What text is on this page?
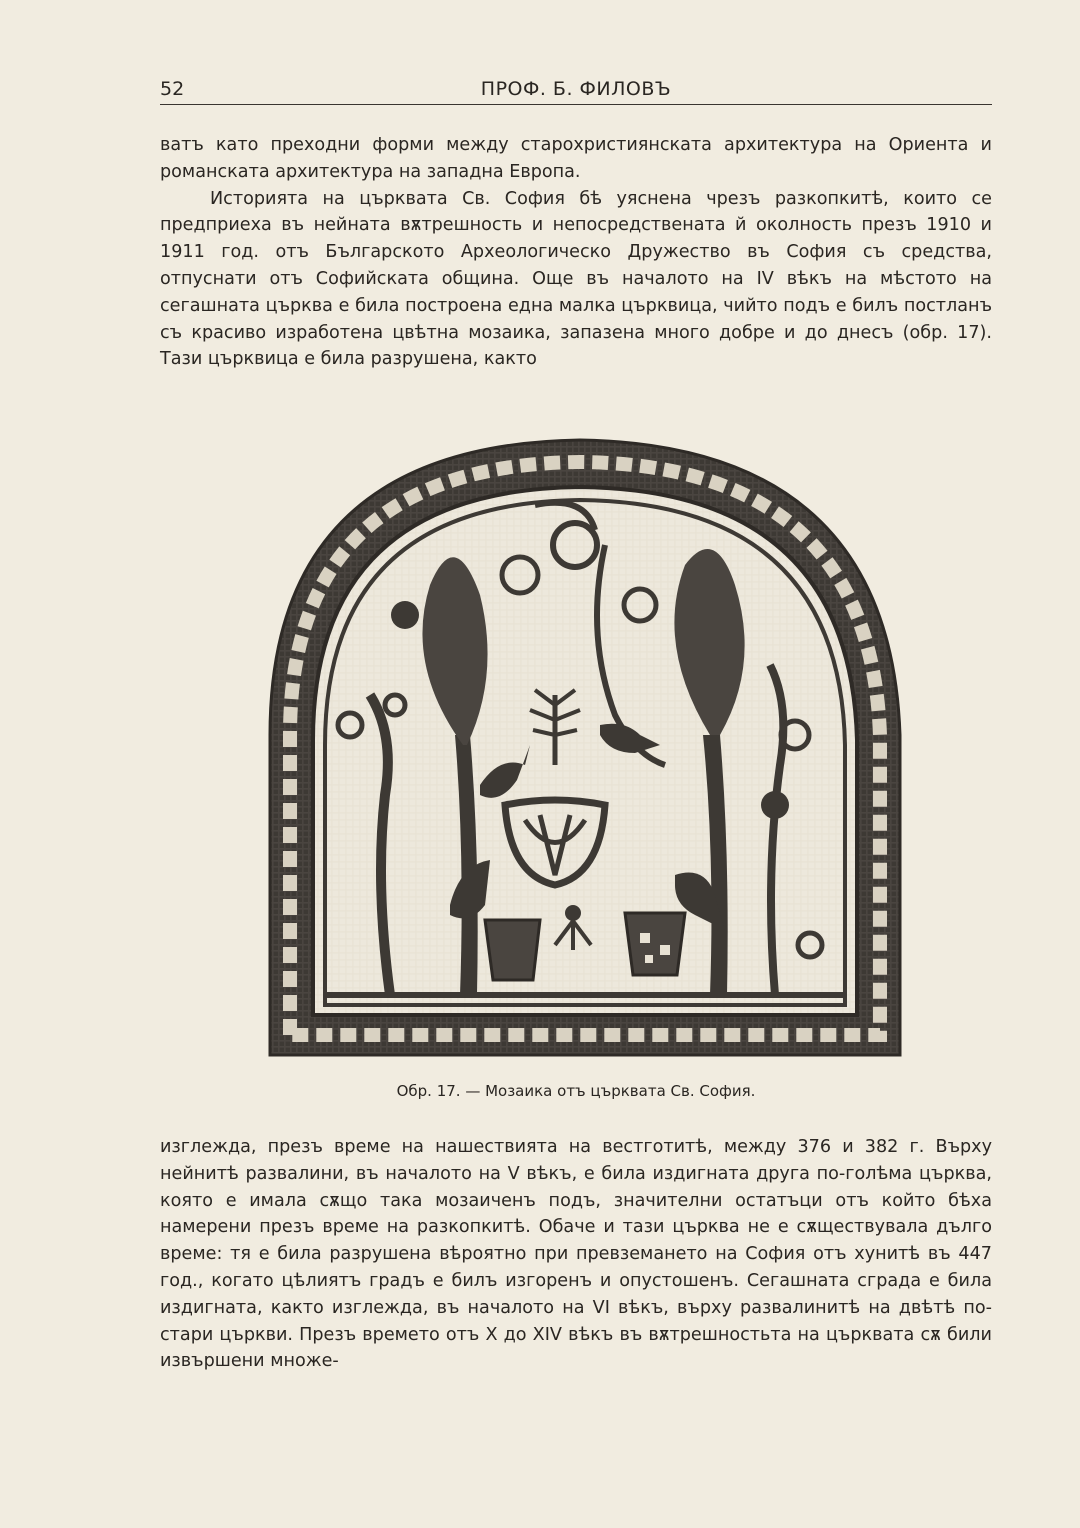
52	ПРОФ. Б. ФИЛОВЪ

ватъ като преходни форми между старохристиянската архитектура на Ориента и романската архитектура на западна Европа.

Историята на църквата Св. София бѣ уяснена чрезъ разкопкитѣ, които се предприеха въ нейната вѫтрешность и непосредствената й околность презъ 1910 и 1911 год. отъ Българското Археологическо Дружество въ София съ средства, отпуснати отъ Софийската община. Още въ началото на IV вѣкъ на мѣстото на сегашната църква е била построена една малка църквица, чийто подъ е билъ постланъ съ красиво изработена цвѣтна мозаика, запазена много добре и до днесъ (обр. 17). Тази църквица е била разрушена, както

Обр. 17. — Мозаика отъ църквата Св. София.

изглежда, презъ време на нашествията на вестготитѣ, между 376 и 382 г. Върху нейнитѣ развалини, въ началото на V вѣкъ, е била издигната друга по-голѣма църква, която е имала сѫщо така мозаиченъ подъ, значителни остатъци отъ който бѣха намерени презъ време на разкопкитѣ. Обаче и тази църква не е сѫществувала дълго време: тя е била разрушена вѣроятно при превземането на София отъ хунитѣ въ 447 год., когато цѣлиятъ градъ е билъ изгоренъ и опустошенъ. Сегашната сграда е била издигната, както изглежда, въ началото на VI вѣкъ, върху развалинитѣ на двѣтѣ по-стари църкви. Презъ времето отъ X до XIV вѣкъ въ вѫтрешностьта на църквата сѫ били извършени множе-
